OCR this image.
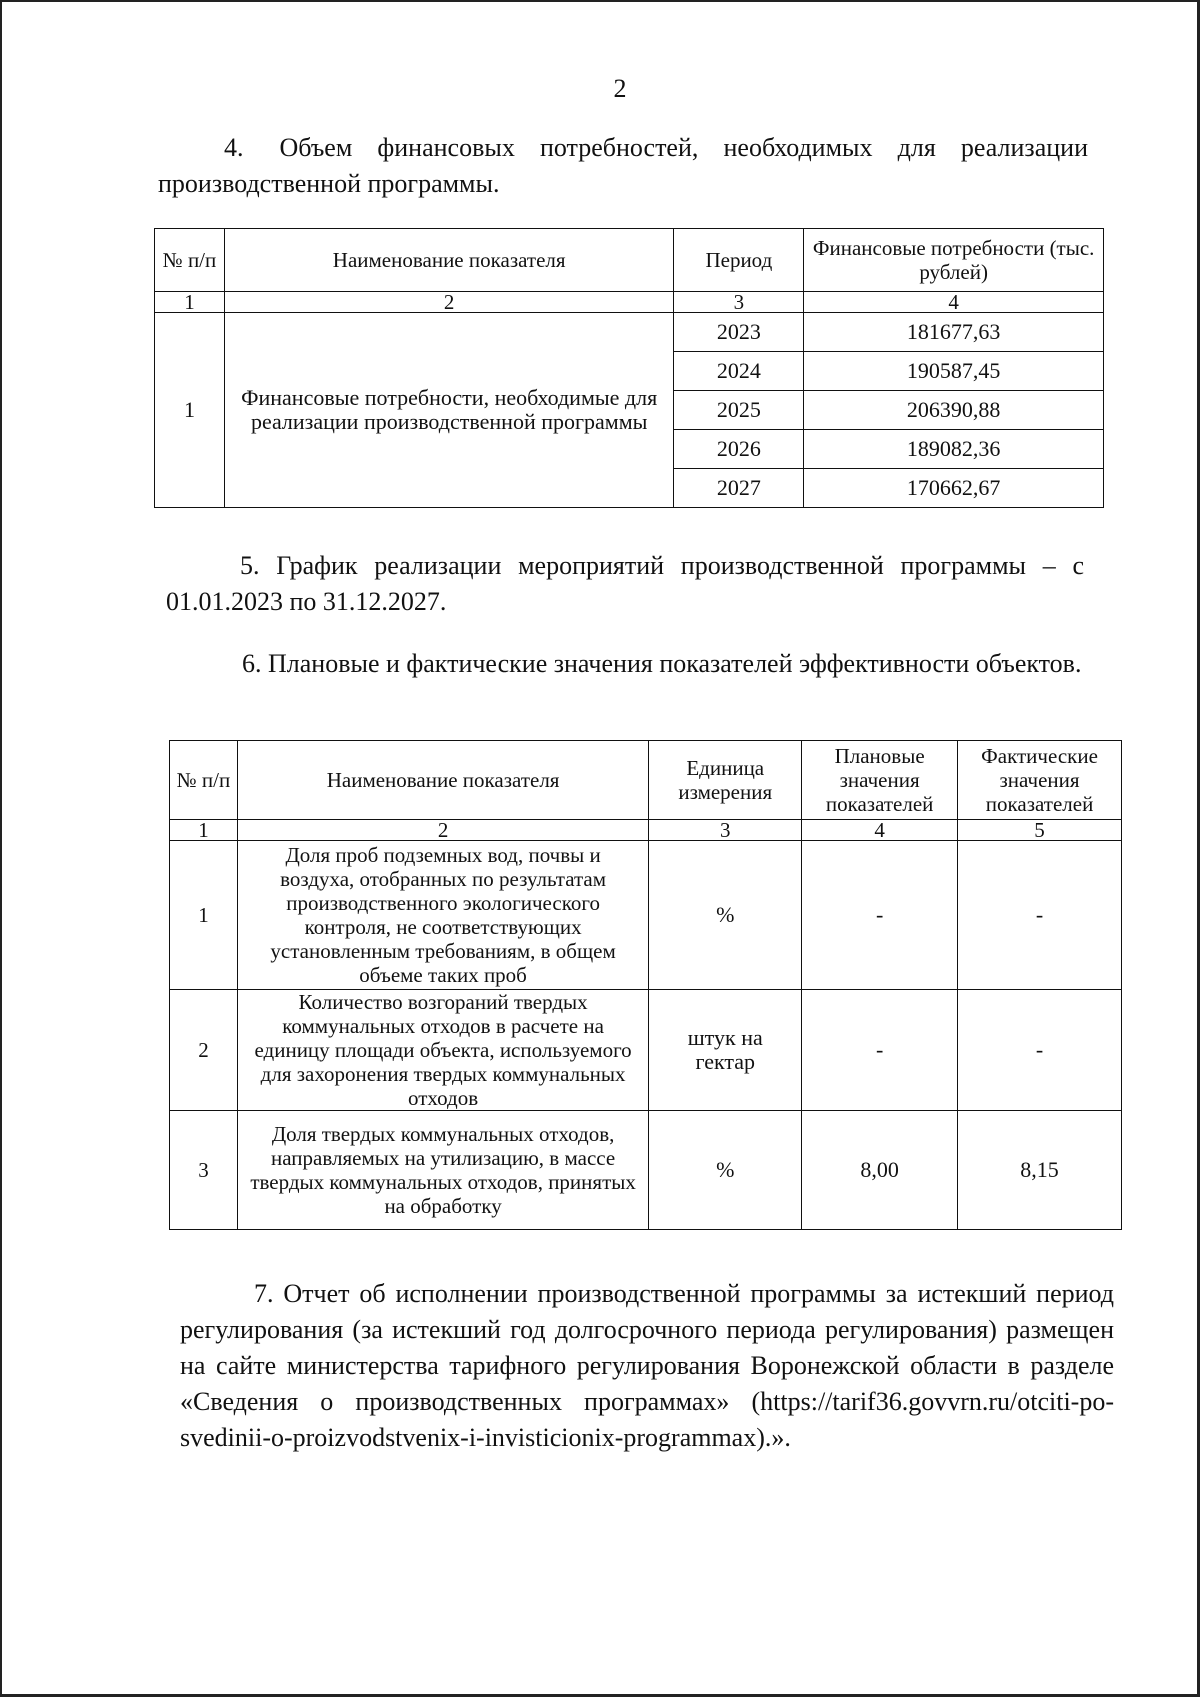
2

4. Объем финансовых потребностей, необходимых для реализации

производственной программы.

№ п/п	Наименование показателя	Период	Финансовые потребности (тыс. рублей)
1	2	3	4
1	Финансовые потребности, необходимые для реализации производственной программы	2023	181677,63
		2024	190587,45
		2025	206390,88
		2026	189082,36
		2027	170662,67

5. График реализации мероприятий производственной программы – с 01.01.2023 по 31.12.2027.

6. Плановые и фактические значения показателей эффективности объектов.

№ п/п	Наименование показателя	Единица измерения	Плановые значения показателей	Фактические значения показателей
1	2	3	4	5
1	Доля проб подземных вод, почвы и воздуха, отобранных по результатам производственного экологического контроля, не соответствующих установленным требованиям, в общем объеме таких проб	%	-	-
2	Количество возгораний твердых коммунальных отходов в расчете на единицу площади объекта, используемого для захоронения твердых коммунальных отходов	штук на гектар	-	-
3	Доля твердых коммунальных отходов, направляемых на утилизацию, в массе твердых коммунальных отходов, принятых на обработку	%	8,00	8,15

7. Отчет об исполнении производственной программы за истекший период регулирования (за истекший год долгосрочного периода регулирования) размещен на сайте министерства тарифного регулирования Воронежской области в разделе «Сведения о производственных программах» (https://tarif36.govvrn.ru/otciti-po-svedinii-o-proizvodstvenix-i-invisticionix-programmax).».
